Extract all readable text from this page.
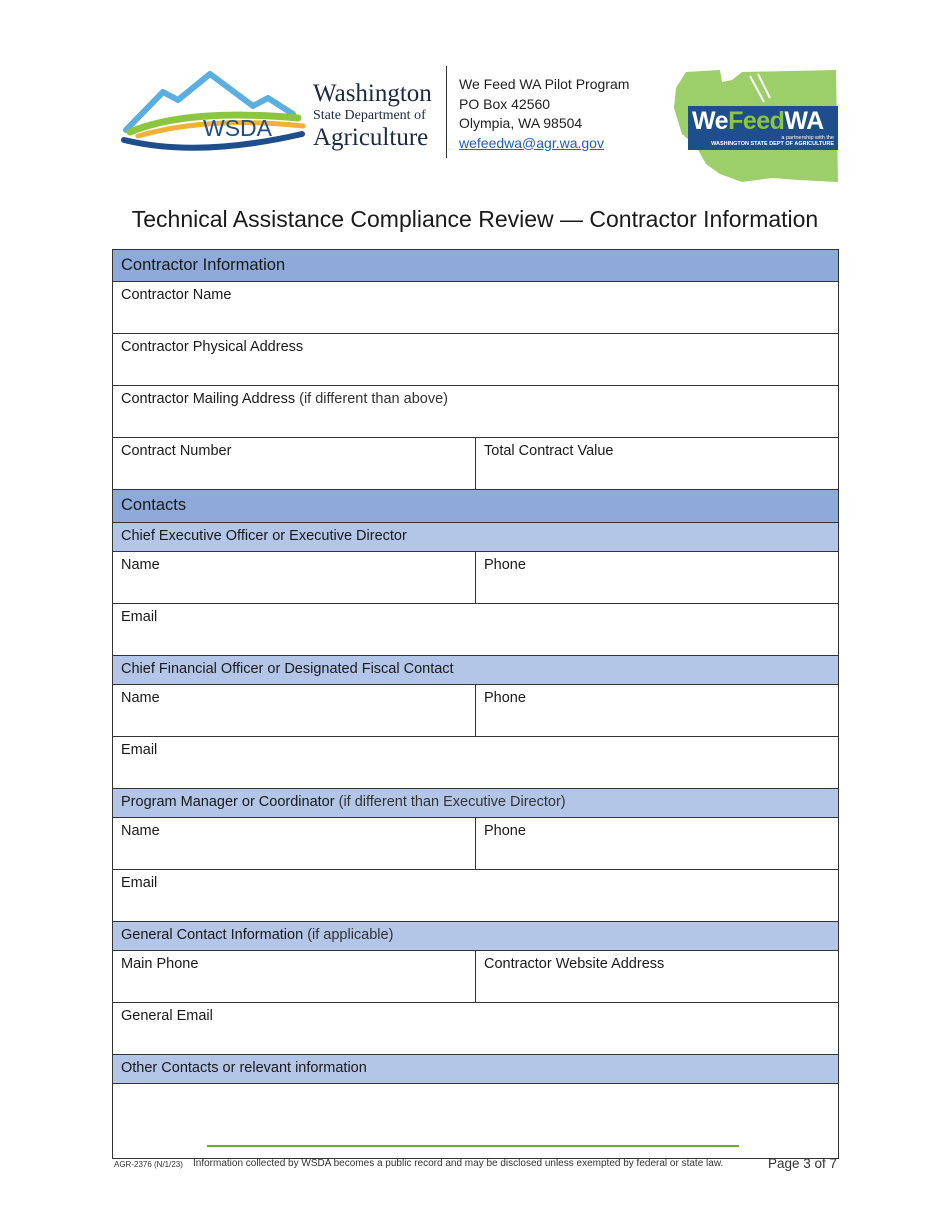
WSDA
Washington
State Department of
Agriculture
We Feed WA Pilot Program
PO Box 42560
Olympia, WA 98504
wefeedwa@agr.wa.gov
WeFeedWA
a partnership with the
WASHINGTON STATE DEPT OF AGRICULTURE
Technical Assistance Compliance Review — Contractor Information
Contractor Information
Contractor Name
Contractor Physical Address
Contractor Mailing Address (if different than above)
Contract Number	Total Contract Value
Contacts
Chief Executive Officer or Executive Director
Name	Phone
Email
Chief Financial Officer or Designated Fiscal Contact
Name	Phone
Email
Program Manager or Coordinator
(if different than Executive Director)
Name	Phone
Email
General Contact Information
(if applicable)
Main Phone	Contractor Website Address
General Email
Other Contacts or relevant information
AGR-2376 (N/1/23) Information collected by WSDA becomes a public record and may be disclosed unless exempted by federal or state law.	Page 3 of 7
